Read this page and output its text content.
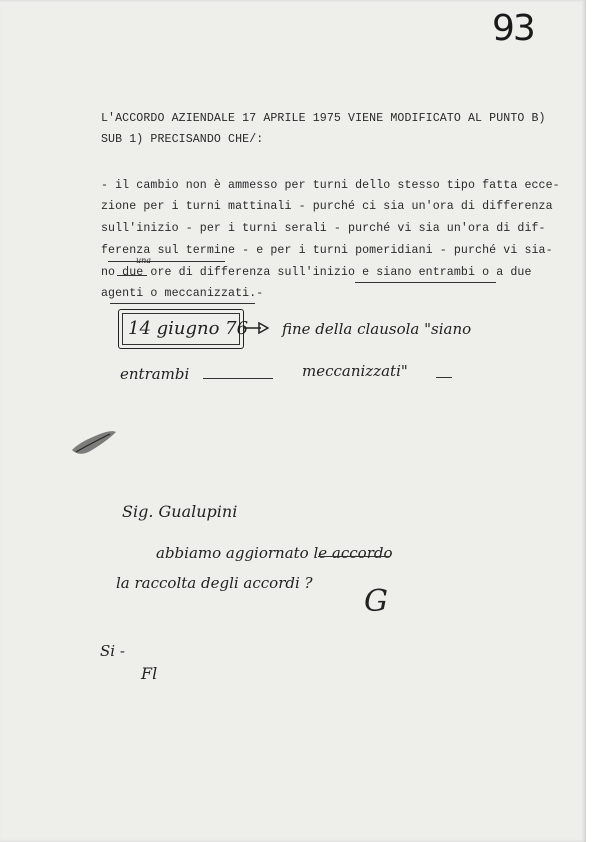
93
L'ACCORDO AZIENDALE 17 APRILE 1975 VIENE MODIFICATO AL PUNTO B)
SUB 1) PRECISANDO CHE/:
- il cambio non è ammesso per turni dello stesso tipo fatta ecce-
zione per i turni mattinali - purché ci sia un'ora di differenza
sull'inizio - per i turni serali - purché vi sia un'ora di dif-
ferenza sul termine - e per i turni pomeridiani - purché vi sia-
no due ore di differenza sull'inizio e siano entrambi o a due
agenti o meccanizzati.-
una
14 giugno 76 fine della clausola "siano
entrambi	meccanizzati"
Sig. Gualupini
abbiamo aggiornato le accordo
la raccolta degli accordi ?
G
Si -
Fl
